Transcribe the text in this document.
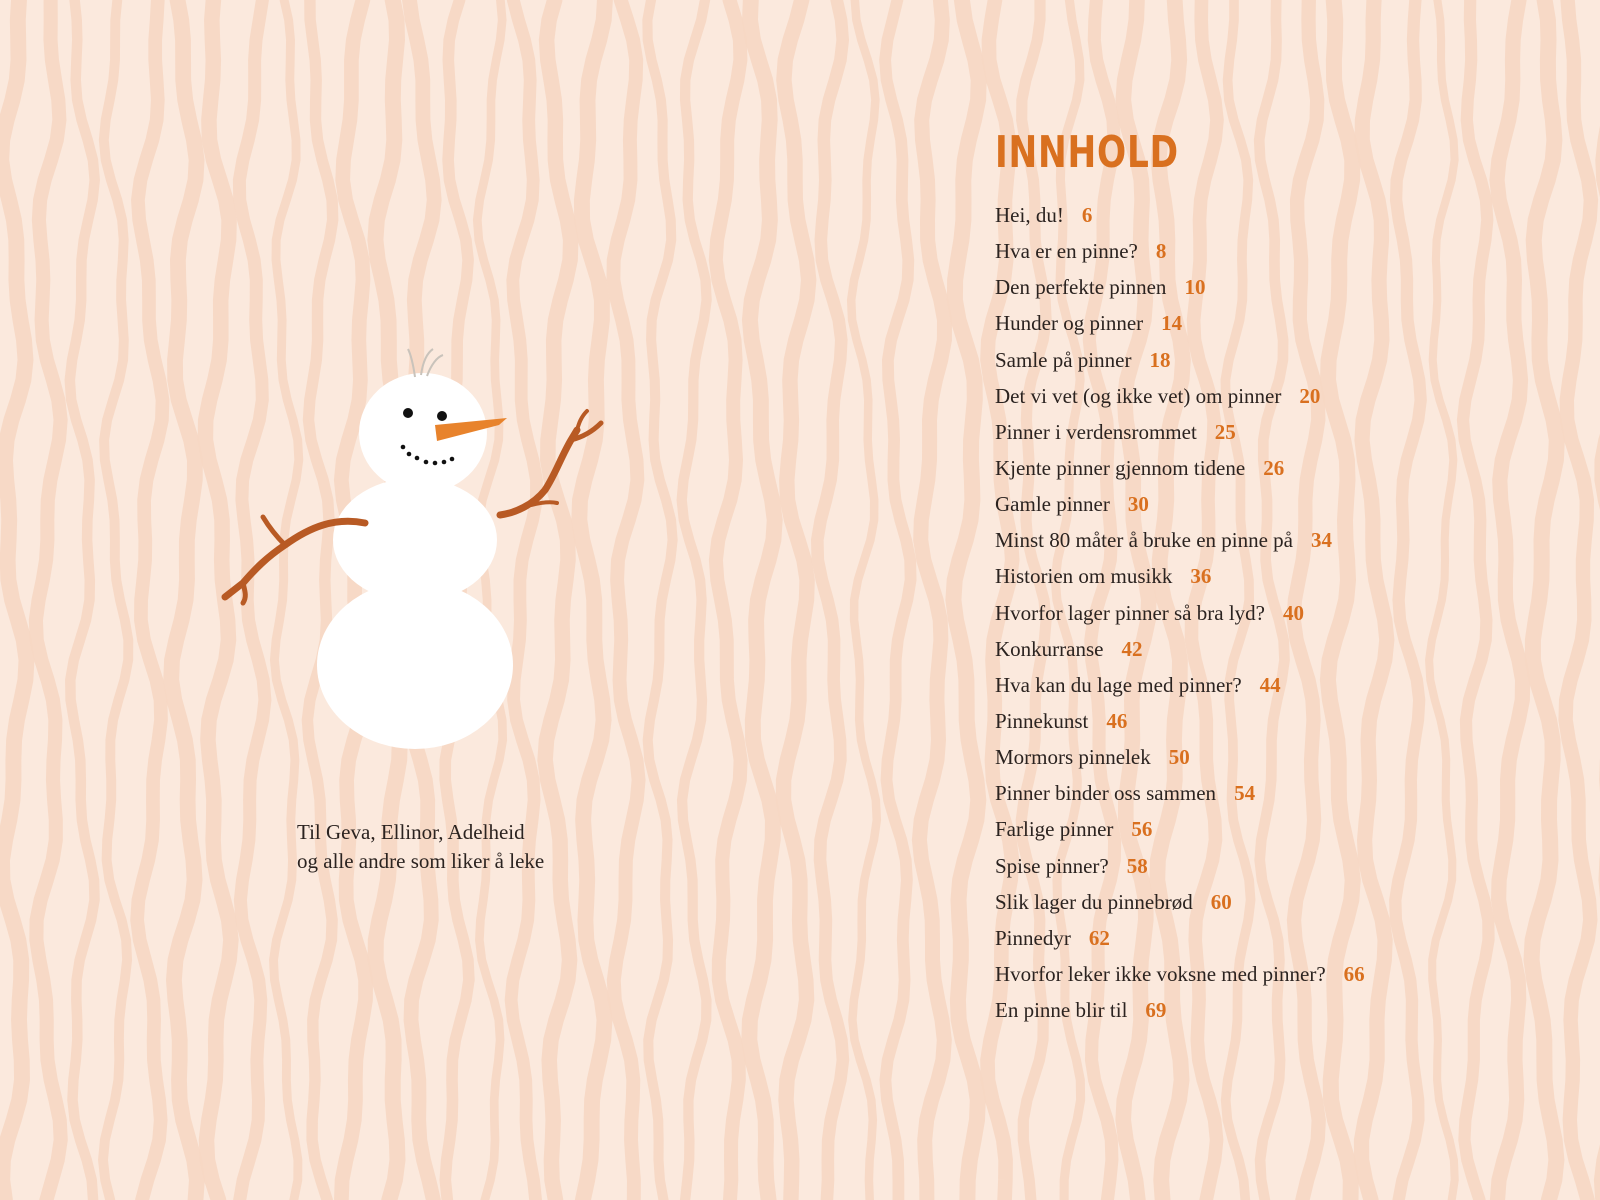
Til Geva, Ellinor, Adelheid
og alle andre som liker å leke
INNHOLD
Hei, du! 6
Hva er en pinne? 8
Den perfekte pinnen 10
Hunder og pinner 14
Samle på pinner 18
Det vi vet (og ikke vet) om pinner 20
Pinner i verdensrommet 25
Kjente pinner gjennom tidene 26
Gamle pinner 30
Minst 80 måter å bruke en pinne på 34
Historien om musikk 36
Hvorfor lager pinner så bra lyd? 40
Konkurranse 42
Hva kan du lage med pinner? 44
Pinnekunst 46
Mormors pinnelek 50
Pinner binder oss sammen 54
Farlige pinner 56
Spise pinner? 58
Slik lager du pinnebrød 60
Pinnedyr 62
Hvorfor leker ikke voksne med pinner? 66
En pinne blir til 69
